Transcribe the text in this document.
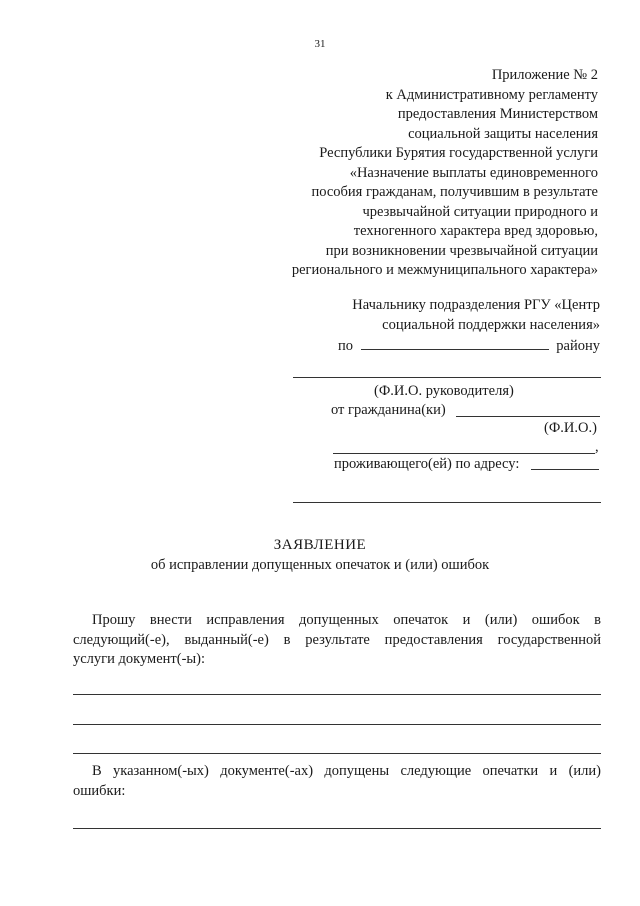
31
Приложение № 2
к Административному регламенту
предоставления Министерством
социальной защиты населения
Республики Бурятия государственной услуги
«Назначение выплаты единовременного
пособия гражданам, получившим в результате
чрезвычайной ситуации природного и
техногенного характера вред здоровью,
при возникновении чрезвычайной ситуации
регионального и межмуниципального характера»
Начальнику подразделения РГУ «Центр
социальной поддержки населения»
по	району
(Ф.И.О. руководителя)
от гражданина(ки)
(Ф.И.О.)
,
проживающего(ей) по адресу:
ЗАЯВЛЕНИЕ
об исправлении допущенных опечаток и (или) ошибок
Прошу внести исправления допущенных опечаток и (или) ошибок в
следующий(-е), выданный(-е) в результате предоставления государственной
услуги документ(-ы):
В указанном(-ых) документе(-ах) допущены следующие опечатки и (или)
ошибки:
